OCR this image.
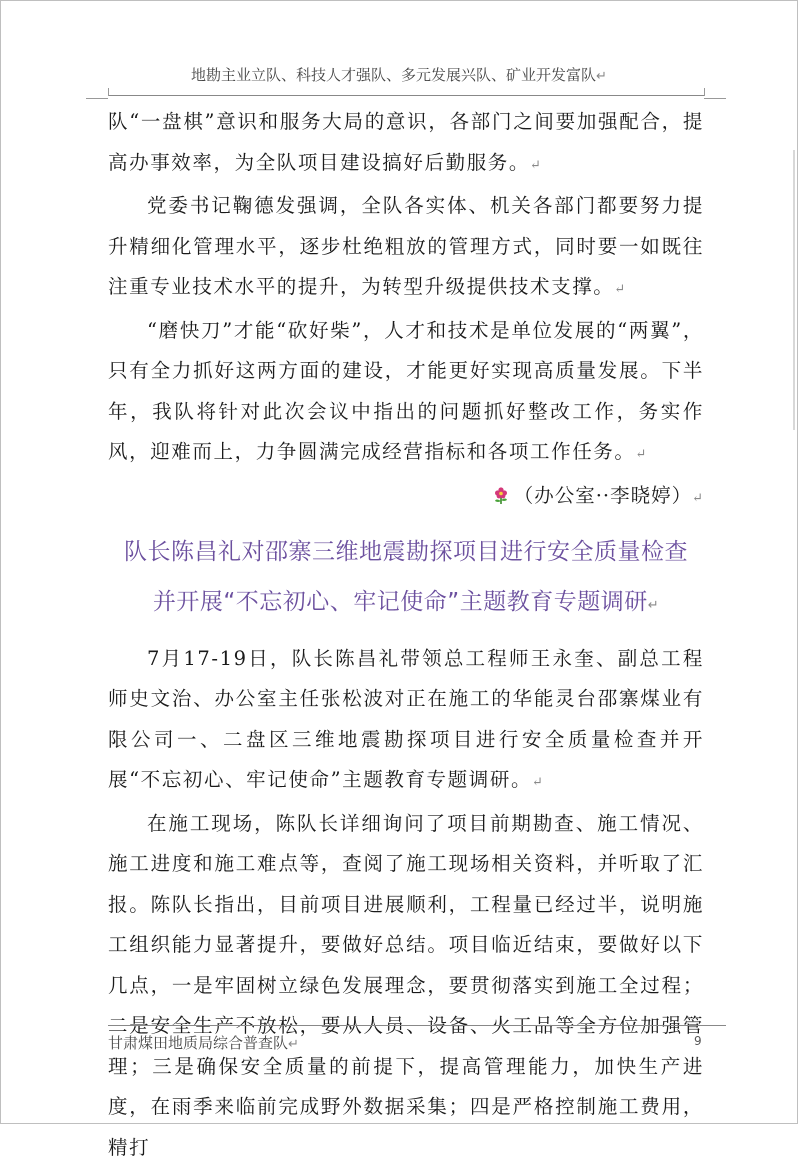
地勘主业立队、科技人才强队、多元发展兴队、矿业开发富队↵

队“一盘棋”意识和服务大局的意识，各部门之间要加强配合，提高办事效率，为全队项目建设搞好后勤服务。↵

党委书记鞠德发强调，全队各实体、机关各部门都要努力提升精细化管理水平，逐步杜绝粗放的管理方式，同时要一如既往注重专业技术水平的提升，为转型升级提供技术支撑。↵

“磨快刀”才能“砍好柴”，人才和技术是单位发展的“两翼”，只有全力抓好这两方面的建设，才能更好实现高质量发展。下半年，我队将针对此次会议中指出的问题抓好整改工作，务实作风，迎难而上，力争圆满完成经营指标和各项工作任务。↵

（办公室··李晓婷）↵

队长陈昌礼对邵寨三维地震勘探项目进行安全质量检查

并开展“不忘初心、牢记使命”主题教育专题调研↵

7月17-19日，队长陈昌礼带领总工程师王永奎、副总工程师史文治、办公室主任张松波对正在施工的华能灵台邵寨煤业有限公司一、二盘区三维地震勘探项目进行安全质量检查并开展“不忘初心、牢记使命”主题教育专题调研。↵

在施工现场，陈队长详细询问了项目前期勘查、施工情况、施工进度和施工难点等，查阅了施工现场相关资料，并听取了汇报。陈队长指出，目前项目进展顺利，工程量已经过半，说明施工组织能力显著提升，要做好总结。项目临近结束，要做好以下几点，一是牢固树立绿色发展理念，要贯彻落实到施工全过程；二是安全生产不放松，要从人员、设备、火工品等全方位加强管理；三是确保安全质量的前提下，提高管理能力，加快生产进度，在雨季来临前完成野外数据采集；四是严格控制施工费用，精打

甘肃煤田地质局综合普查队↵	9
